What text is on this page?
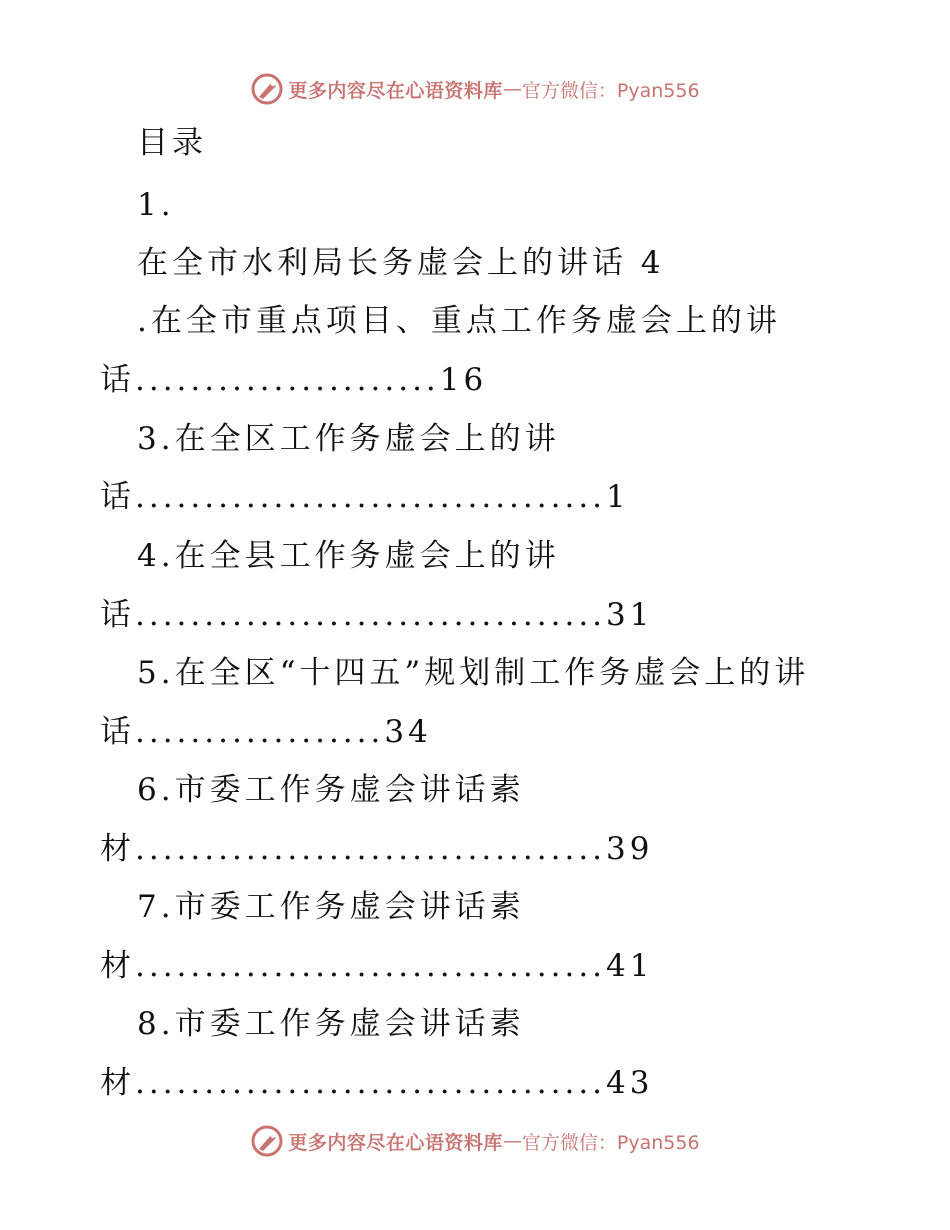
更多内容尽在心语资料库 — 官方微信：Pyan556
目录
1.
在全市水利局长务虚会上的讲话 4
.在全市重点项目、重点工作务虚会上的讲
话......................16
3.在全区工作务虚会上的讲
话..................................1
4.在全县工作务虚会上的讲
话..................................31
5.在全区“十四五”规划制工作务虚会上的讲
话..................34
6.市委工作务虚会讲话素
材..................................39
7.市委工作务虚会讲话素
材..................................41
8.市委工作务虚会讲话素
材..................................43
更多内容尽在心语资料库 — 官方微信：Pyan556
